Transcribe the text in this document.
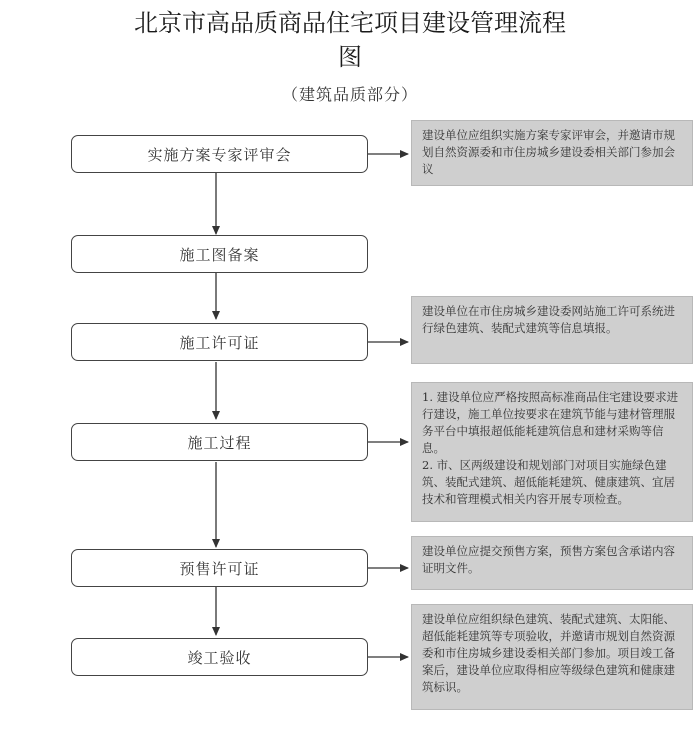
北京市高品质商品住宅项目建设管理流程
图
（建筑品质部分）
实施方案专家评审会
施工图备案
施工许可证
施工过程
预售许可证
竣工验收
建设单位应组织实施方案专家评审会，并邀请市规划自然资源委和市住房城乡建设委相关部门参加会议
建设单位在市住房城乡建设委网站施工许可系统进行绿色建筑、装配式建筑等信息填报。
1. 建设单位应严格按照高标准商品住宅建设要求进行建设，施工单位按要求在建筑节能与建材管理服务平台中填报超低能耗建筑信息和建材采购等信息。
2. 市、区两级建设和规划部门对项目实施绿色建筑、装配式建筑、超低能耗建筑、健康建筑、宜居技术和管理模式相关内容开展专项检查。
建设单位应提交预售方案，预售方案包含承诺内容证明文件。
建设单位应组织绿色建筑、装配式建筑、太阳能、超低能耗建筑等专项验收，并邀请市规划自然资源委和市住房城乡建设委相关部门参加。项目竣工备案后，建设单位应取得相应等级绿色建筑和健康建筑标识。
